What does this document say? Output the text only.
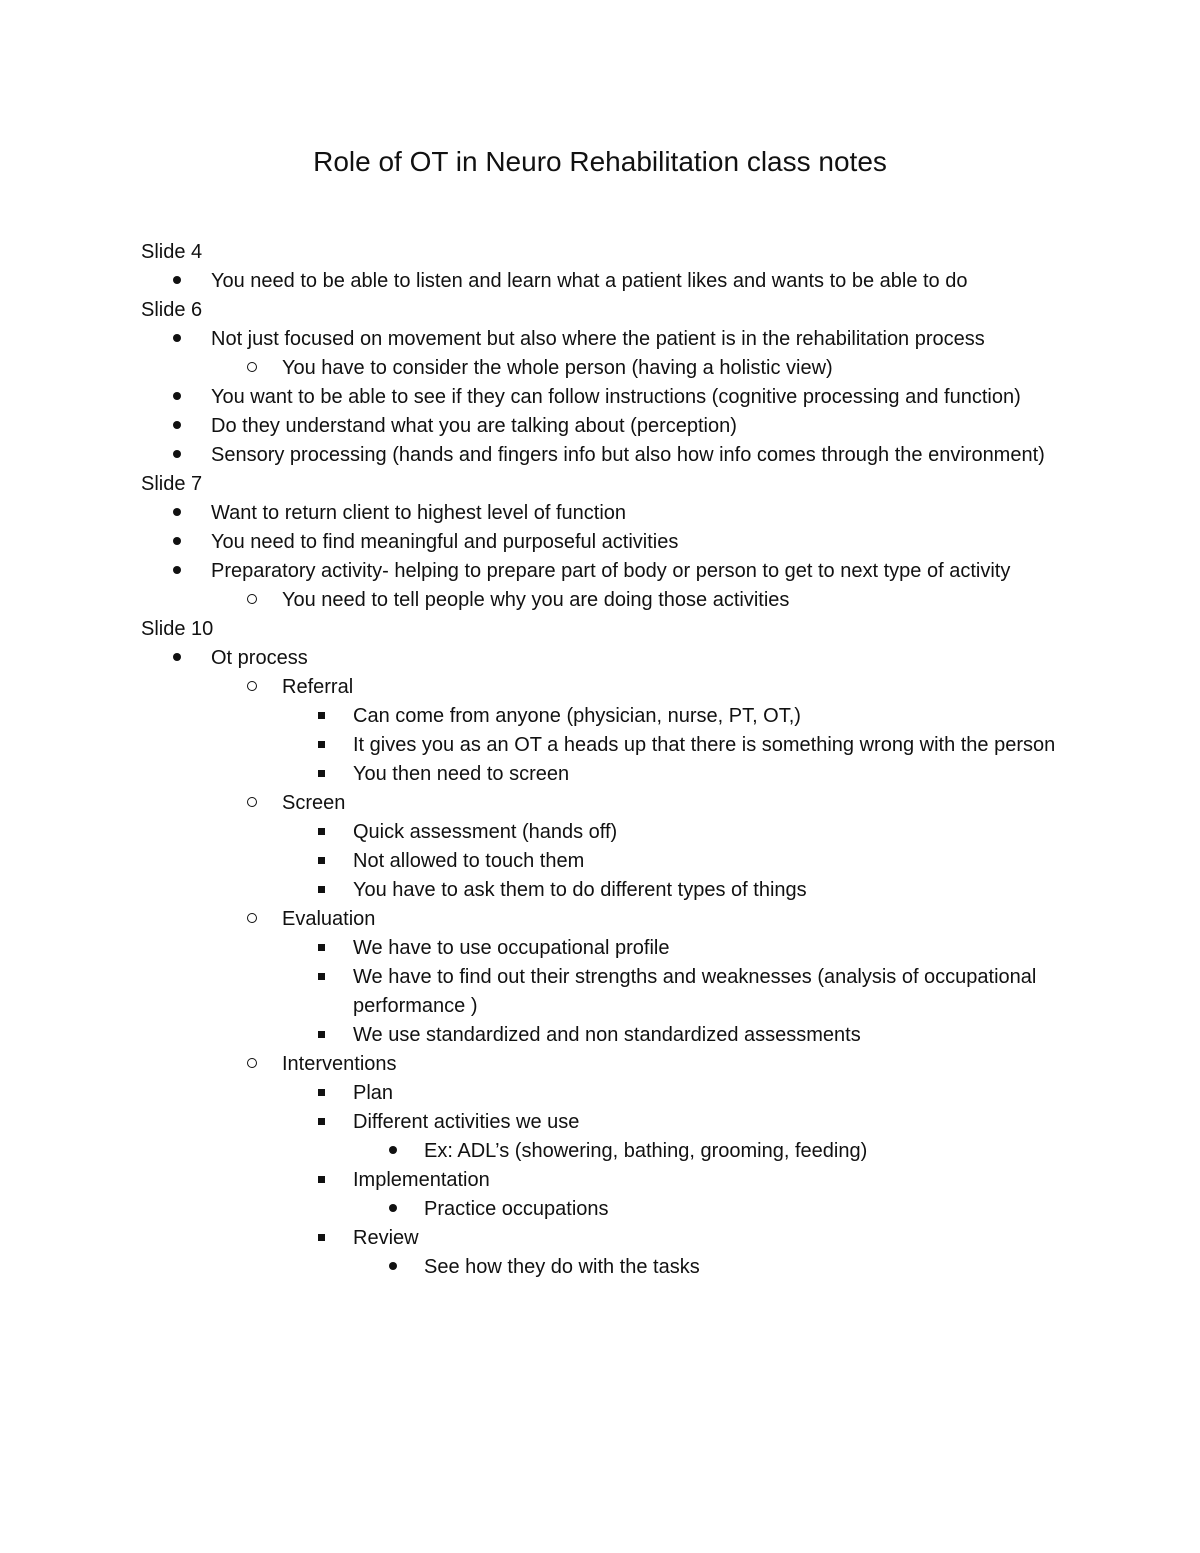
Role of OT in Neuro Rehabilitation class notes

Slide 4

You need to be able to listen and learn what a patient likes and wants to be able to do

Slide 6

Not just focused on movement but also where the patient is in the rehabilitation process
You have to consider the whole person (having a holistic view)
You want to be able to see if they can follow instructions (cognitive processing and function)
Do they understand what you are talking about (perception)
Sensory processing (hands and fingers info but also how info comes through the environment)

Slide 7

Want to return client to highest level of function
You need to find meaningful and purposeful activities
Preparatory activity- helping to prepare part of body or person to get to next type of activity
You need to tell people why you are doing those activities

Slide 10

Ot process
Referral
Can come from anyone (physician, nurse, PT, OT,)
It gives you as an OT a heads up that there is something wrong with the person
You then need to screen
Screen
Quick assessment (hands off)
Not allowed to touch them
You have to ask them to do different types of things
Evaluation
We have to use occupational profile
We have to find out their strengths and weaknesses (analysis of occupational performance )
We use standardized and non standardized assessments
Interventions
Plan
Different activities we use
Ex: ADL’s (showering, bathing, grooming, feeding)
Implementation
Practice occupations
Review
See how they do with the tasks
